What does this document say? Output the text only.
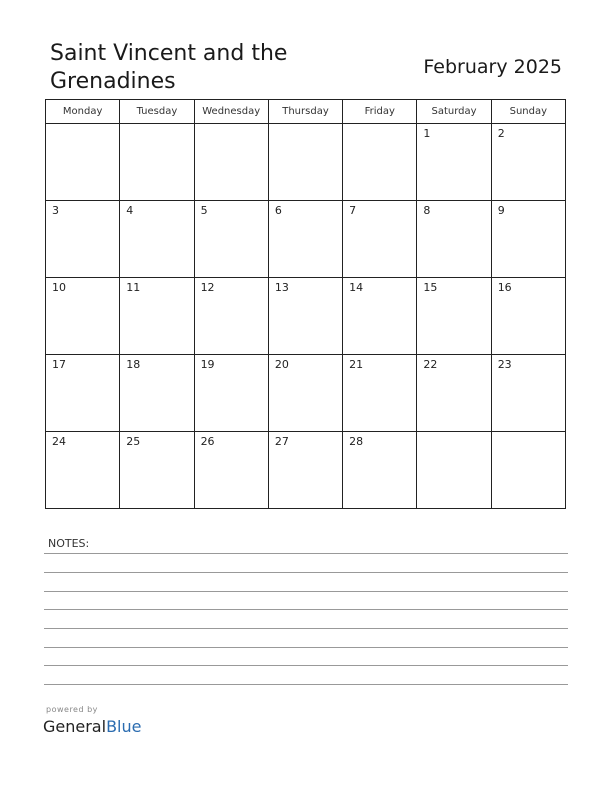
Saint Vincent and the Grenadines
February 2025
Monday	Tuesday	Wednesday	Thursday	Friday	Saturday	Sunday

					1	2

3	4	5	6	7	8	9

10	11	12	13	14	15	16

17	18	19	20	21	22	23

24	25	26	27	28		

NOTES:
powered by
GeneralBlue
